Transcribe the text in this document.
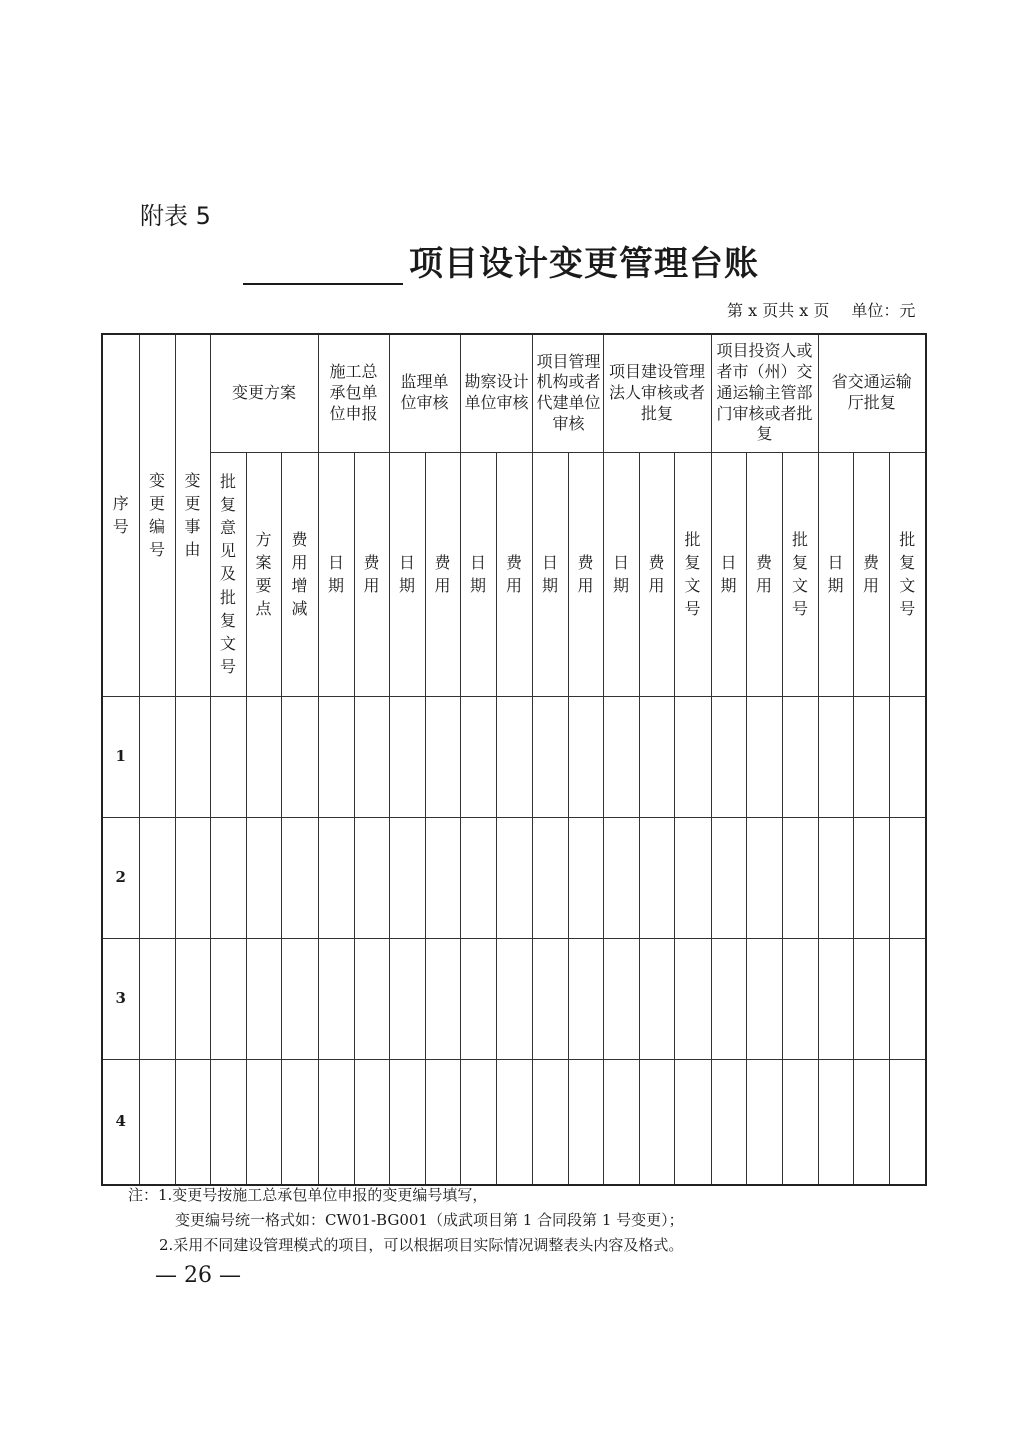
附表 5
项目设计变更管理台账
第 x 页共 x 页 单位：元
序号	变更编号	变更事由	变更方案			施工总承包单位申报		监理单位审核		勘察设计单位审核		项目管理机构或者代建单位审核		项目建设管理法人审核或者批复			项目投资人或者市（州）交通运输主管部门审核或者批复			省交通运输厅批复		
			批复意见及批复文号	方案要点	费用增减	日期	费用	日期	费用	日期	费用	日期	费用	日期	费用	批复文号	日期	费用	批复文号	日期	费用	批复文号
1																						
2																						
3																						
4																						
注：1.变更号按施工总承包单位申报的变更编号填写，
变更编号统一格式如：CW01-BG001（成武项目第 1 合同段第 1 号变更）；
2.采用不同建设管理模式的项目，可以根据项目实际情况调整表头内容及格式。
— 26 —
